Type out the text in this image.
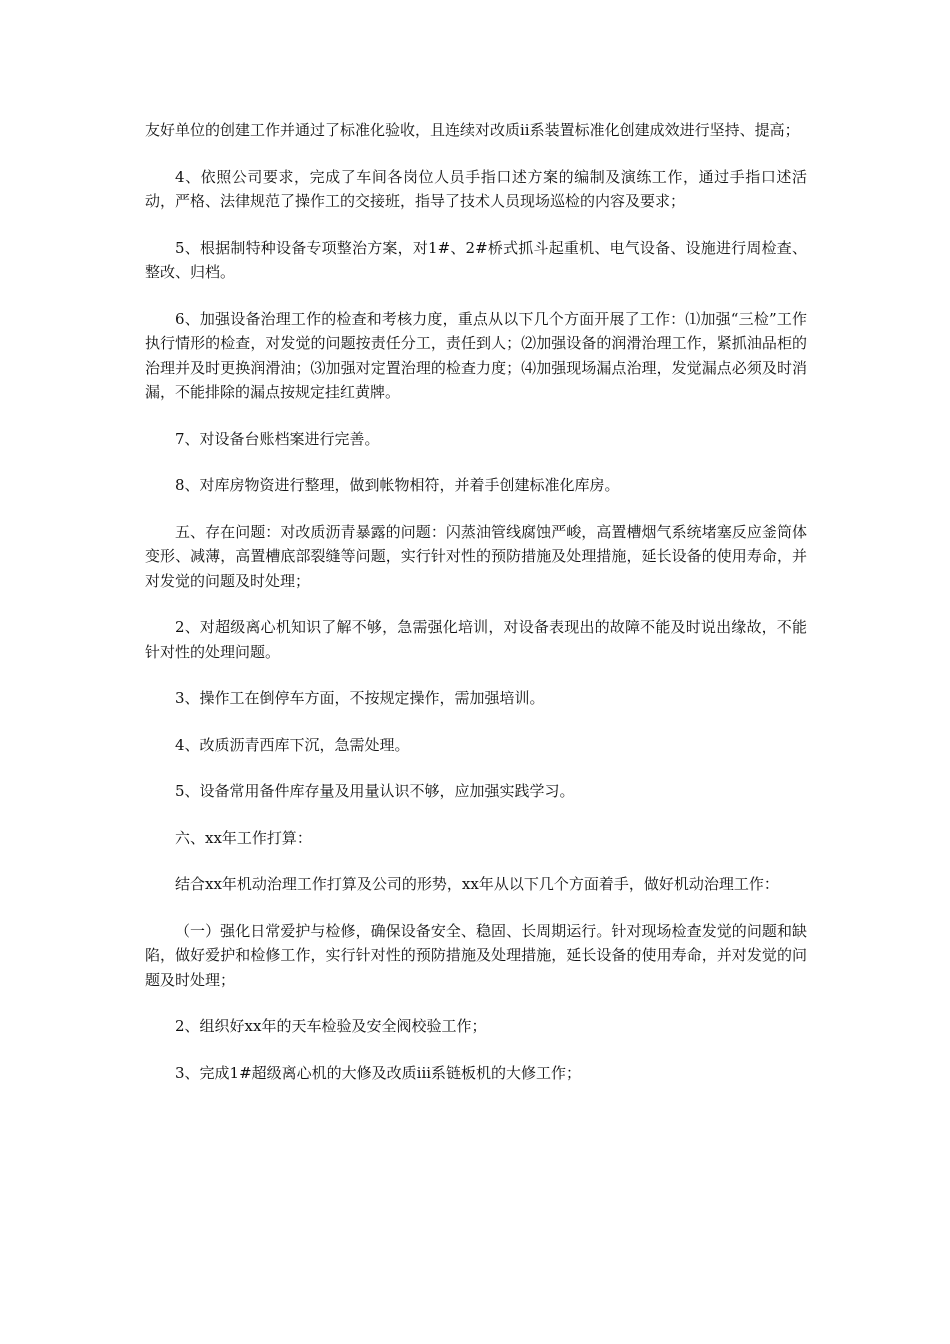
友好单位的创建工作并通过了标准化验收，且连续对改质ii系装置标准化创建成效进行坚持、提高；

4、依照公司要求，完成了车间各岗位人员手指口述方案的编制及演练工作，通过手指口述活动，严格、法律规范了操作工的交接班，指导了技术人员现场巡检的内容及要求；

5、根据制特种设备专项整治方案，对1#、2#桥式抓斗起重机、电气设备、设施进行周检查、整改、归档。

6、加强设备治理工作的检查和考核力度，重点从以下几个方面开展了工作：⑴加强“三检”工作执行情形的检查，对发觉的问题按责任分工，责任到人；⑵加强设备的润滑治理工作，紧抓油品柜的治理并及时更换润滑油；⑶加强对定置治理的检查力度；⑷加强现场漏点治理，发觉漏点必须及时消漏，不能排除的漏点按规定挂红黄牌。

7、对设备台账档案进行完善。

8、对库房物资进行整理，做到帐物相符，并着手创建标准化库房。

五、存在问题：对改质沥青暴露的问题：闪蒸油管线腐蚀严峻，高置槽烟气系统堵塞反应釜筒体变形、减薄，高置槽底部裂缝等问题，实行针对性的预防措施及处理措施，延长设备的使用寿命，并对发觉的问题及时处理；

2、对超级离心机知识了解不够，急需强化培训，对设备表现出的故障不能及时说出缘故，不能针对性的处理问题。

3、操作工在倒停车方面，不按规定操作，需加强培训。

4、改质沥青西库下沉，急需处理。

5、设备常用备件库存量及用量认识不够，应加强实践学习。

六、xx年工作打算：

结合xx年机动治理工作打算及公司的形势，xx年从以下几个方面着手，做好机动治理工作：

（一）强化日常爱护与检修，确保设备安全、稳固、长周期运行。针对现场检查发觉的问题和缺陷，做好爱护和检修工作，实行针对性的预防措施及处理措施，延长设备的使用寿命，并对发觉的问题及时处理；

2、组织好xx年的天车检验及安全阀校验工作；

3、完成1#超级离心机的大修及改质iii系链板机的大修工作；
